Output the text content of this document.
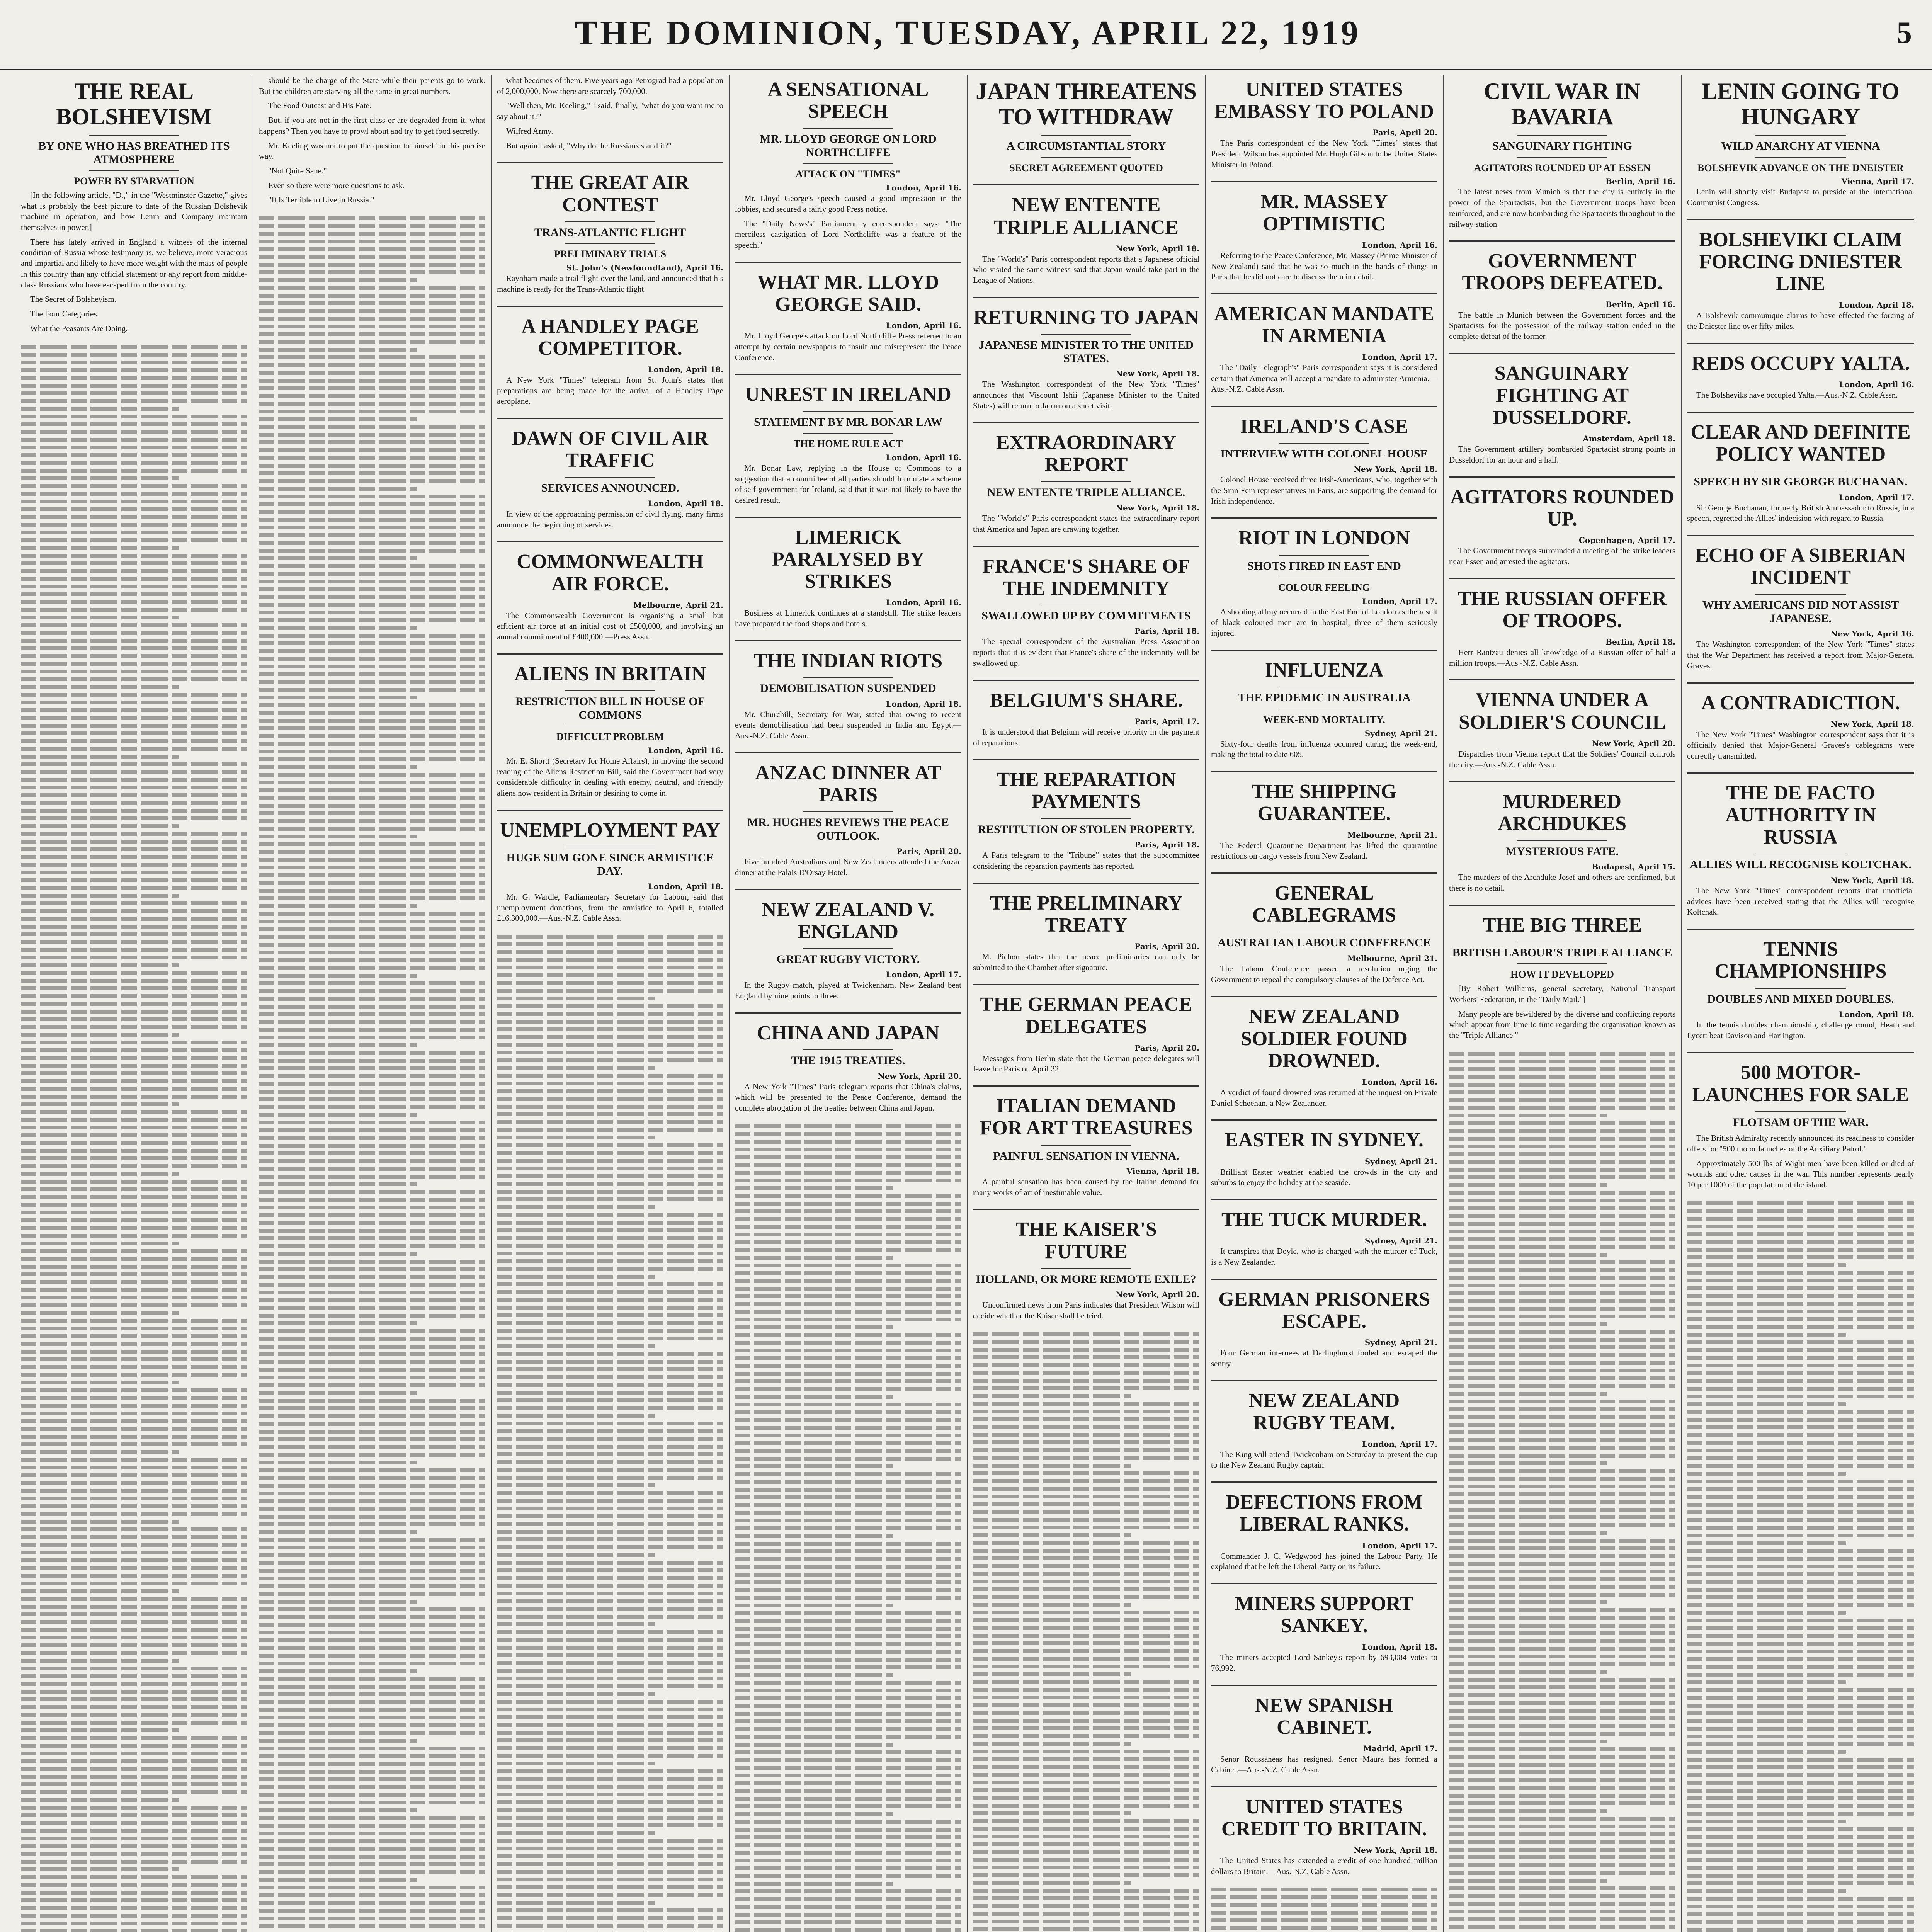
THE DOMINION, TUESDAY, APRIL 22, 1919	5
THE REAL BOLSHEVISM
BY ONE WHO HAS BREATHED ITS ATMOSPHERE
POWER BY STARVATION

[In the following article, "D.," in the "Westminster Gazette," gives what is probably the best picture to date of the Russian Bolshevik machine in operation, and how Lenin and Company maintain themselves in power.]

There has lately arrived in England a witness of the internal condition of Russia whose testimony is, we believe, more veracious and impartial and likely to have more weight with the mass of people in this country than any official statement or any report from middle-class Russians who have escaped from the country.

The Secret of Bolshevism.

The Four Categories.

What the Peasants Are Doing.

should be the charge of the State while their parents go to work. But the children are starving all the same in great numbers.

The Food Outcast and His Fate.

But, if you are not in the first class or are degraded from it, what happens? Then you have to prowl about and try to get food secretly.

Mr. Keeling was not to put the question to himself in this precise way.

"Not Quite Sane."

Even so there were more questions to ask.

"It Is Terrible to Live in Russia."

what becomes of them. Five years ago Petrograd had a population of 2,000,000. Now there are scarcely 700,000.

"Well then, Mr. Keeling," I said, finally, "what do you want me to say about it?"

Wilfred Army.

But again I asked, "Why do the Russians stand it?"

THE GREAT AIR CONTEST
TRANS-ATLANTIC FLIGHT
PRELIMINARY TRIALS
St. John's (Newfoundland), April 16.

Raynham made a trial flight over the land, and announced that his machine is ready for the Trans-Atlantic flight.

A HANDLEY PAGE COMPETITOR.
London, April 18.

A New York "Times" telegram from St. John's states that preparations are being made for the arrival of a Handley Page aeroplane.

DAWN OF CIVIL AIR TRAFFIC
SERVICES ANNOUNCED.
London, April 18.

In view of the approaching permission of civil flying, many firms announce the beginning of services.

COMMONWEALTH AIR FORCE.
Melbourne, April 21.

The Commonwealth Government is organising a small but efficient air force at an initial cost of £500,000, and involving an annual commitment of £400,000.—Press Assn.

ALIENS IN BRITAIN
RESTRICTION BILL IN HOUSE OF COMMONS
DIFFICULT PROBLEM
London, April 16.

Mr. E. Shortt (Secretary for Home Affairs), in moving the second reading of the Aliens Restriction Bill, said the Government had very considerable difficulty in dealing with enemy, neutral, and friendly aliens now resident in Britain or desiring to come in.

UNEMPLOYMENT PAY
HUGE SUM GONE SINCE ARMISTICE DAY.
London, April 18.

Mr. G. Wardle, Parliamentary Secretary for Labour, said that unemployment donations, from the armistice to April 6, totalled £16,300,000.—Aus.-N.Z. Cable Assn.

A SENSATIONAL SPEECH
MR. LLOYD GEORGE ON LORD NORTHCLIFFE
ATTACK ON "TIMES"
London, April 16.

Mr. Lloyd George's speech caused a good impression in the lobbies, and secured a fairly good Press notice.

The "Daily News's" Parliamentary correspondent says: "The merciless castigation of Lord Northcliffe was a feature of the speech."

WHAT MR. LLOYD GEORGE SAID.
London, April 16.

Mr. Lloyd George's attack on Lord Northcliffe Press referred to an attempt by certain newspapers to insult and misrepresent the Peace Conference.

UNREST IN IRELAND
STATEMENT BY MR. BONAR LAW
THE HOME RULE ACT
London, April 16.

Mr. Bonar Law, replying in the House of Commons to a suggestion that a committee of all parties should formulate a scheme of self-government for Ireland, said that it was not likely to have the desired result.

LIMERICK PARALYSED BY STRIKES
London, April 16.

Business at Limerick continues at a standstill. The strike leaders have prepared the food shops and hotels.

THE INDIAN RIOTS
DEMOBILISATION SUSPENDED
London, April 18.

Mr. Churchill, Secretary for War, stated that owing to recent events demobilisation had been suspended in India and Egypt.—Aus.-N.Z. Cable Assn.

ANZAC DINNER AT PARIS
MR. HUGHES REVIEWS THE PEACE OUTLOOK.
Paris, April 20.

Five hundred Australians and New Zealanders attended the Anzac dinner at the Palais D'Orsay Hotel.

NEW ZEALAND V. ENGLAND
GREAT RUGBY VICTORY.
London, April 17.

In the Rugby match, played at Twickenham, New Zealand beat England by nine points to three.

CHINA AND JAPAN
THE 1915 TREATIES.
New York, April 20.

A New York "Times" Paris telegram reports that China's claims, which will be presented to the Peace Conference, demand the complete abrogation of the treaties between China and Japan.

JAPAN THREATENS TO WITHDRAW
A CIRCUMSTANTIAL STORY
SECRET AGREEMENT QUOTED
NEW ENTENTE TRIPLE ALLIANCE
New York, April 18.

The "World's" Paris correspondent reports that a Japanese official who visited the same witness said that Japan would take part in the League of Nations.

RETURNING TO JAPAN
JAPANESE MINISTER TO THE UNITED STATES.
New York, April 18.

The Washington correspondent of the New York "Times" announces that Viscount Ishii (Japanese Minister to the United States) will return to Japan on a short visit.

EXTRAORDINARY REPORT
NEW ENTENTE TRIPLE ALLIANCE.
New York, April 18.

The "World's" Paris correspondent states the extraordinary report that America and Japan are drawing together.

FRANCE'S SHARE OF THE INDEMNITY
SWALLOWED UP BY COMMITMENTS
Paris, April 18.

The special correspondent of the Australian Press Association reports that it is evident that France's share of the indemnity will be swallowed up.

BELGIUM'S SHARE.
Paris, April 17.

It is understood that Belgium will receive priority in the payment of reparations.

THE REPARATION PAYMENTS
RESTITUTION OF STOLEN PROPERTY.
Paris, April 18.

A Paris telegram to the "Tribune" states that the subcommittee considering the reparation payments has reported.

THE PRELIMINARY TREATY
Paris, April 20.

M. Pichon states that the peace preliminaries can only be submitted to the Chamber after signature.

THE GERMAN PEACE DELEGATES
Paris, April 20.

Messages from Berlin state that the German peace delegates will leave for Paris on April 22.

ITALIAN DEMAND FOR ART TREASURES
PAINFUL SENSATION IN VIENNA.
Vienna, April 18.

A painful sensation has been caused by the Italian demand for many works of art of inestimable value.

THE KAISER'S FUTURE
HOLLAND, OR MORE REMOTE EXILE?
New York, April 20.

Unconfirmed news from Paris indicates that President Wilson will decide whether the Kaiser shall be tried.

UNITED STATES EMBASSY TO POLAND
Paris, April 20.

The Paris correspondent of the New York "Times" states that President Wilson has appointed Mr. Hugh Gibson to be United States Minister in Poland.

MR. MASSEY OPTIMISTIC
London, April 16.

Referring to the Peace Conference, Mr. Massey (Prime Minister of New Zealand) said that he was so much in the hands of things in Paris that he did not care to discuss them in detail.

AMERICAN MANDATE IN ARMENIA
London, April 17.

The "Daily Telegraph's" Paris correspondent says it is considered certain that America will accept a mandate to administer Armenia.—Aus.-N.Z. Cable Assn.

IRELAND'S CASE
INTERVIEW WITH COLONEL HOUSE
New York, April 18.

Colonel House received three Irish-Americans, who, together with the Sinn Fein representatives in Paris, are supporting the demand for Irish independence.

RIOT IN LONDON
SHOTS FIRED IN EAST END
COLOUR FEELING
London, April 17.

A shooting affray occurred in the East End of London as the result of black coloured men are in hospital, three of them seriously injured.

INFLUENZA
THE EPIDEMIC IN AUSTRALIA
WEEK-END MORTALITY.
Sydney, April 21.

Sixty-four deaths from influenza occurred during the week-end, making the total to date 605.

THE SHIPPING GUARANTEE.
Melbourne, April 21.

The Federal Quarantine Department has lifted the quarantine restrictions on cargo vessels from New Zealand.

GENERAL CABLEGRAMS
AUSTRALIAN LABOUR CONFERENCE
Melbourne, April 21.

The Labour Conference passed a resolution urging the Government to repeal the compulsory clauses of the Defence Act.

NEW ZEALAND SOLDIER FOUND DROWNED.
London, April 16.

A verdict of found drowned was returned at the inquest on Private Daniel Scheehan, a New Zealander.

EASTER IN SYDNEY.
Sydney, April 21.

Brilliant Easter weather enabled the crowds in the city and suburbs to enjoy the holiday at the seaside.

THE TUCK MURDER.
Sydney, April 21.

It transpires that Doyle, who is charged with the murder of Tuck, is a New Zealander.

GERMAN PRISONERS ESCAPE.
Sydney, April 21.

Four German internees at Darlinghurst fooled and escaped the sentry.

NEW ZEALAND RUGBY TEAM.
London, April 17.

The King will attend Twickenham on Saturday to present the cup to the New Zealand Rugby captain.

DEFECTIONS FROM LIBERAL RANKS.
London, April 17.

Commander J. C. Wedgwood has joined the Labour Party. He explained that he left the Liberal Party on its failure.

MINERS SUPPORT SANKEY.
London, April 18.

The miners accepted Lord Sankey's report by 693,084 votes to 76,992.

NEW SPANISH CABINET.
Madrid, April 17.

Senor Roussaneas has resigned. Senor Maura has formed a Cabinet.—Aus.-N.Z. Cable Assn.

UNITED STATES CREDIT TO BRITAIN.
New York, April 18.

The United States has extended a credit of one hundred million dollars to Britain.—Aus.-N.Z. Cable Assn.

CIVIL WAR IN BAVARIA
SANGUINARY FIGHTING
AGITATORS ROUNDED UP AT ESSEN
Berlin, April 16.

The latest news from Munich is that the city is entirely in the power of the Spartacists, but the Government troops have been reinforced, and are now bombarding the Spartacists throughout in the railway station.

GOVERNMENT TROOPS DEFEATED.
Berlin, April 16.

The battle in Munich between the Government forces and the Spartacists for the possession of the railway station ended in the complete defeat of the former.

SANGUINARY FIGHTING AT DUSSELDORF.
Amsterdam, April 18.

The Government artillery bombarded Spartacist strong points in Dusseldorf for an hour and a half.

AGITATORS ROUNDED UP.
Copenhagen, April 17.

The Government troops surrounded a meeting of the strike leaders near Essen and arrested the agitators.

THE RUSSIAN OFFER OF TROOPS.
Berlin, April 18.

Herr Rantzau denies all knowledge of a Russian offer of half a million troops.—Aus.-N.Z. Cable Assn.

VIENNA UNDER A SOLDIER'S COUNCIL
New York, April 20.

Dispatches from Vienna report that the Soldiers' Council controls the city.—Aus.-N.Z. Cable Assn.

MURDERED ARCHDUKES
MYSTERIOUS FATE.
Budapest, April 15.

The murders of the Archduke Josef and others are confirmed, but there is no detail.

THE BIG THREE
BRITISH LABOUR'S TRIPLE ALLIANCE
HOW IT DEVELOPED

[By Robert Williams, general secretary, National Transport Workers' Federation, in the "Daily Mail."]

Many people are bewildered by the diverse and conflicting reports which appear from time to time regarding the organisation known as the "Triple Alliance."

LENIN GOING TO HUNGARY
WILD ANARCHY AT VIENNA
BOLSHEVIK ADVANCE ON THE DNEISTER
Vienna, April 17.

Lenin will shortly visit Budapest to preside at the International Communist Congress.

BOLSHEVIKI CLAIM FORCING DNIESTER LINE
London, April 18.

A Bolshevik communique claims to have effected the forcing of the Dniester line over fifty miles.

REDS OCCUPY YALTA.
London, April 16.

The Bolsheviks have occupied Yalta.—Aus.-N.Z. Cable Assn.

CLEAR AND DEFINITE POLICY WANTED
SPEECH BY SIR GEORGE BUCHANAN.
London, April 17.

Sir George Buchanan, formerly British Ambassador to Russia, in a speech, regretted the Allies' indecision with regard to Russia.

ECHO OF A SIBERIAN INCIDENT
WHY AMERICANS DID NOT ASSIST JAPANESE.
New York, April 16.

The Washington correspondent of the New York "Times" states that the War Department has received a report from Major-General Graves.

A CONTRADICTION.
New York, April 18.

The New York "Times" Washington correspondent says that it is officially denied that Major-General Graves's cablegrams were correctly transmitted.

THE DE FACTO AUTHORITY IN RUSSIA
ALLIES WILL RECOGNISE KOLTCHAK.
New York, April 18.

The New York "Times" correspondent reports that unofficial advices have been received stating that the Allies will recognise Koltchak.

TENNIS CHAMPIONSHIPS
DOUBLES AND MIXED DOUBLES.
London, April 18.

In the tennis doubles championship, challenge round, Heath and Lycett beat Davison and Harrington.

500 MOTOR-LAUNCHES FOR SALE
FLOTSAM OF THE WAR.

The British Admiralty recently announced its readiness to consider offers for "500 motor launches of the Auxiliary Patrol."

Approximately 500 lbs of Wight men have been killed or died of wounds and other causes in the war. This number represents nearly 10 per 1000 of the population of the island.
